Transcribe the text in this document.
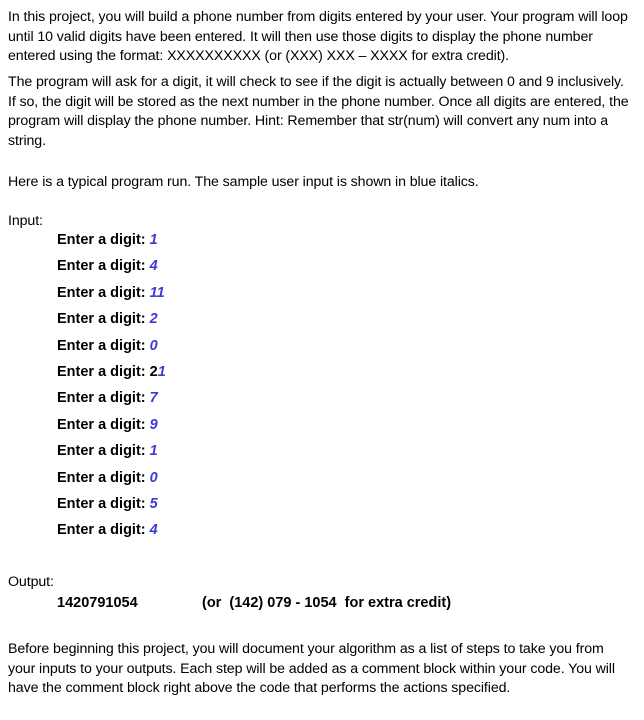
In this project, you will build a phone number from digits entered by your user. Your program will loop until 10 valid digits have been entered. It will then use those digits to display the phone number entered using the format: XXXXXXXXXX (or (XXX) XXX – XXXX for extra credit).
The program will ask for a digit, it will check to see if the digit is actually between 0 and 9 inclusively. If so, the digit will be stored as the next number in the phone number. Once all digits are entered, the program will display the phone number. Hint: Remember that str(num) will convert any num into a string.
Here is a typical program run. The sample user input is shown in blue italics.
Input:
Enter a digit: 1
Enter a digit: 4
Enter a digit: 11
Enter a digit: 2
Enter a digit: 0
Enter a digit: 21
Enter a digit: 7
Enter a digit: 9
Enter a digit: 1
Enter a digit: 0
Enter a digit: 5
Enter a digit: 4
Output:
1420791054	(or  (142) 079 - 1054  for extra credit)
Before beginning this project, you will document your algorithm as a list of steps to take you from your inputs to your outputs. Each step will be added as a comment block within your code. You will have the comment block right above the code that performs the actions specified.
